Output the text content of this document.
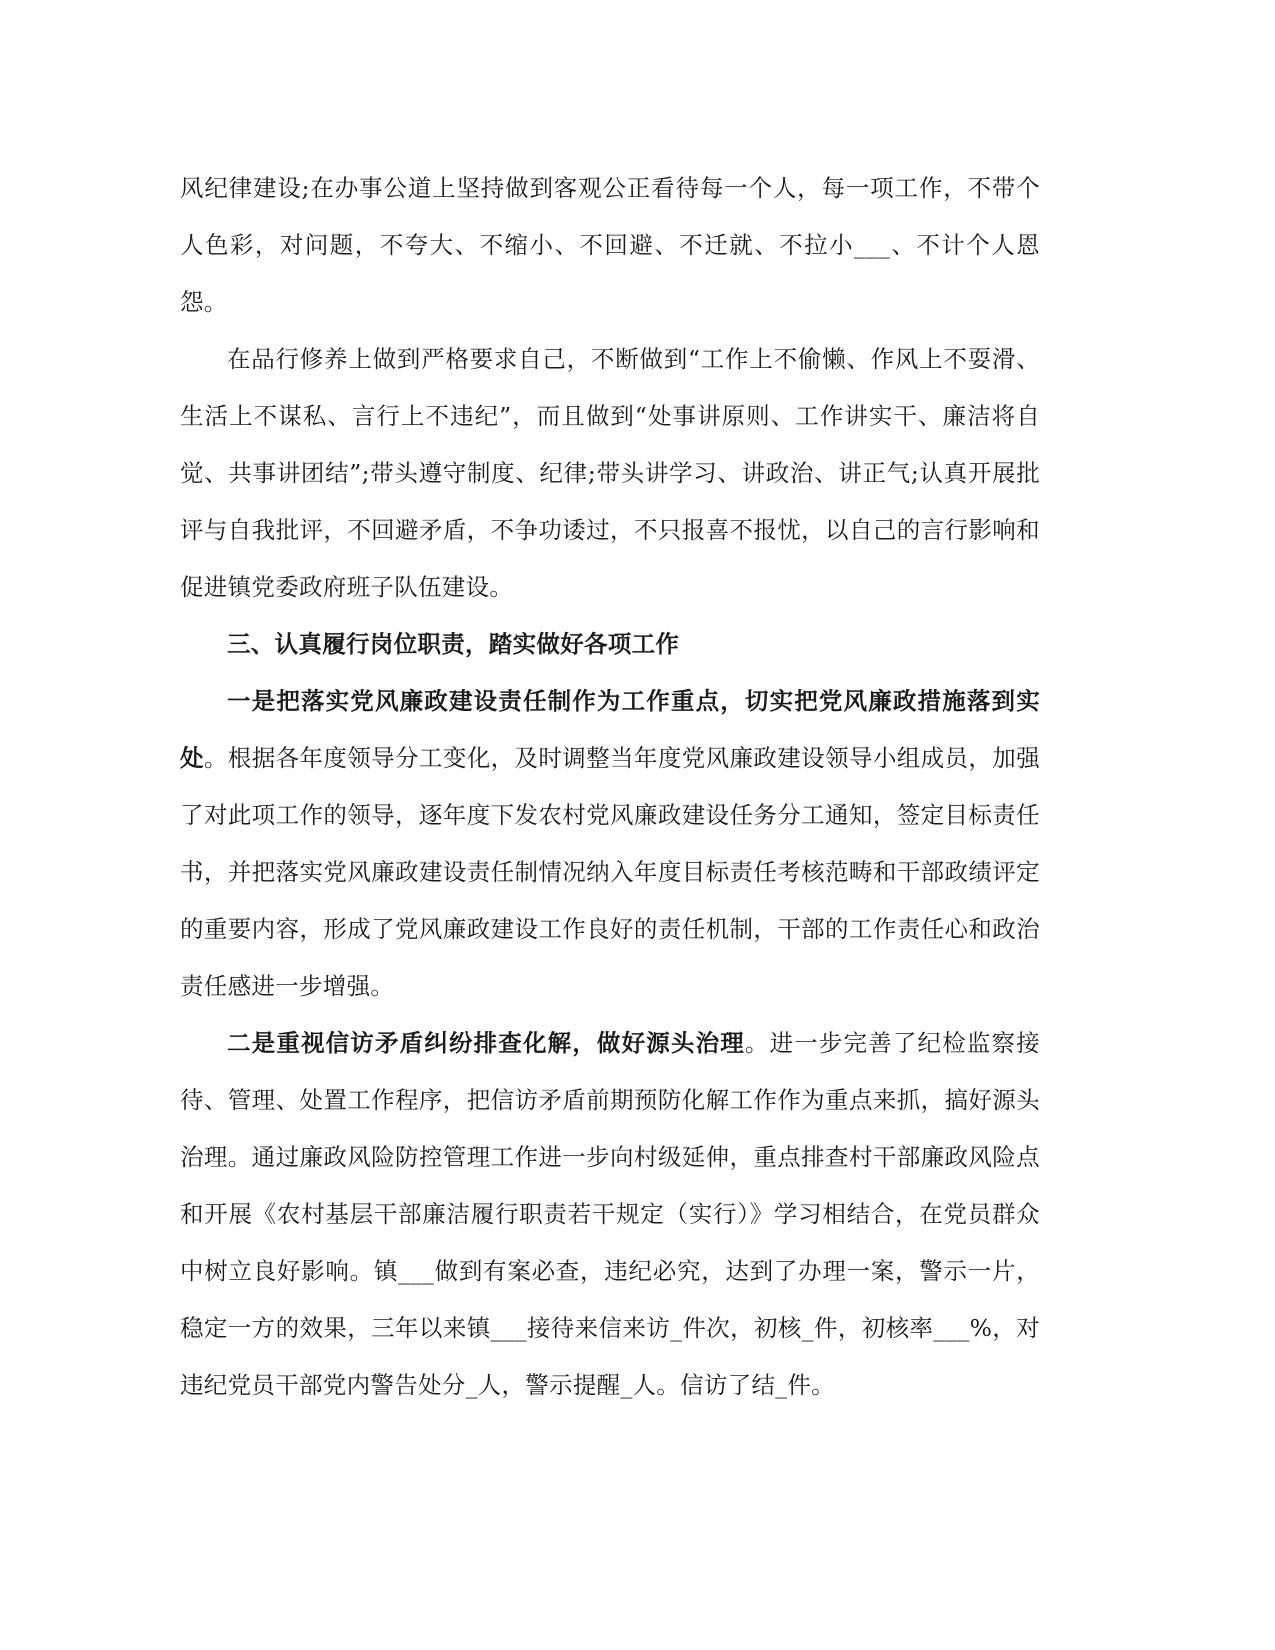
风纪律建设;在办事公道上坚持做到客观公正看待每一个人，每一项工作，不带个人色彩，对问题，不夸大、不缩小、不回避、不迁就、不拉小___、不计个人恩怨。

在品行修养上做到严格要求自己，不断做到“工作上不偷懒、作风上不耍滑、生活上不谋私、言行上不违纪”，而且做到“处事讲原则、工作讲实干、廉洁将自觉、共事讲团结”;带头遵守制度、纪律;带头讲学习、讲政治、讲正气;认真开展批评与自我批评，不回避矛盾，不争功诿过，不只报喜不报忧，以自己的言行影响和促进镇党委政府班子队伍建设。

三、认真履行岗位职责，踏实做好各项工作

一是把落实党风廉政建设责任制作为工作重点，切实把党风廉政措施落到实处。根据各年度领导分工变化，及时调整当年度党风廉政建设领导小组成员，加强了对此项工作的领导，逐年度下发农村党风廉政建设任务分工通知，签定目标责任书，并把落实党风廉政建设责任制情况纳入年度目标责任考核范畴和干部政绩评定的重要内容，形成了党风廉政建设工作良好的责任机制，干部的工作责任心和政治责任感进一步增强。

二是重视信访矛盾纠纷排查化解，做好源头治理。进一步完善了纪检监察接待、管理、处置工作程序，把信访矛盾前期预防化解工作作为重点来抓，搞好源头治理。通过廉政风险防控管理工作进一步向村级延伸，重点排查村干部廉政风险点和开展《农村基层干部廉洁履行职责若干规定（实行）》学习相结合，在党员群众中树立良好影响。镇___做到有案必查，违纪必究，达到了办理一案，警示一片，稳定一方的效果，三年以来镇___接待来信来访_件次，初核_件，初核率___%，对违纪党员干部党内警告处分_人，警示提醒_人。信访了结_件。
